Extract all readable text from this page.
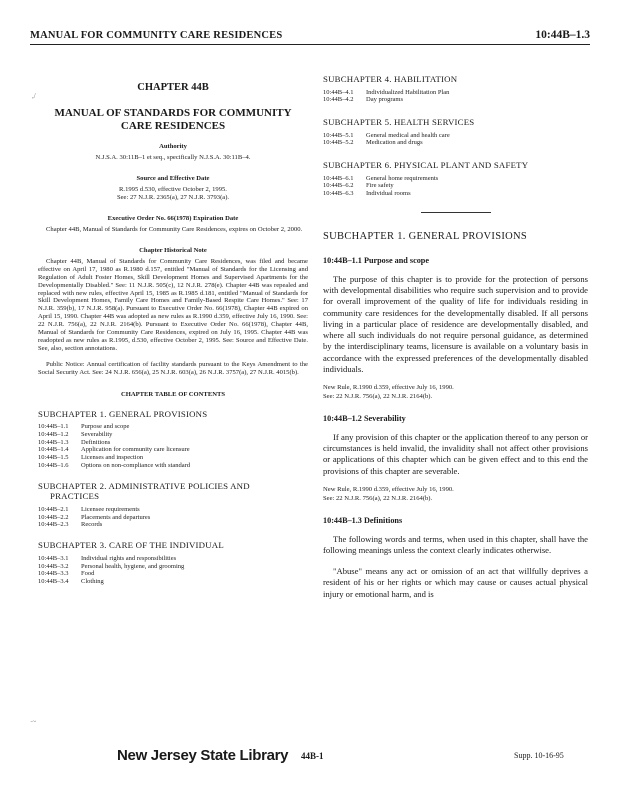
MANUAL FOR COMMUNITY CARE RESIDENCES	10:44B–1.3
,/
·~
CHAPTER 44B
MANUAL OF STANDARDS FOR COMMUNITY CARE RESIDENCES
Authority
N.J.S.A. 30:11B–1 et seq., specifically N.J.S.A. 30:11B–4.
Source and Effective Date
R.1995 d.530, effective October 2, 1995.
See: 27 N.J.R. 2365(a), 27 N.J.R. 3793(a).
Executive Order No. 66(1978) Expiration Date

Chapter 44B, Manual of Standards for Community Care Residences, expires on October 2, 2000.

Chapter Historical Note

Chapter 44B, Manual of Standards for Community Care Residences, was filed and became effective on April 17, 1980 as R.1980 d.157, entitled "Manual of Standards for the Licensing and Regulation of Adult Foster Homes, Skill Development Homes and Supervised Apartments for the Developmentally Disabled." See: 11 N.J.R. 505(c), 12 N.J.R. 278(e). Chapter 44B was repealed and replaced with new rules, effective April 15, 1985 as R.1985 d.181, entitled "Manual of Standards for Skill Development Homes, Family Care Homes and Family-Based Respite Care Homes." See: 17 N.J.R. 359(b), 17 N.J.R. 958(a). Pursuant to Executive Order No. 66(1978), Chapter 44B expired on April 15, 1990. Chapter 44B was adopted as new rules as R.1990 d.359, effective July 16, 1990. See: 22 N.J.R. 756(a), 22 N.J.R. 2164(b). Pursuant to Executive Order No. 66(1978), Chapter 44B, Manual of Standards for Community Care Residences, expired on July 16, 1995. Chapter 44B was readopted as new rules as R.1995, d.530, effective October 2, 1995. See: Source and Effective Date. See, also, section annotations.

Public Notice: Annual certification of facility standards pursuant to the Keys Amendment to the Social Security Act. See: 24 N.J.R. 656(a), 25 N.J.R. 603(a), 26 N.J.R. 3757(a), 27 N.J.R. 4015(b).

CHAPTER TABLE OF CONTENTS
SUBCHAPTER 1. GENERAL PROVISIONS
10:44B–1.1	Purpose and scope
10:44B–1.2	Severability
10:44B–1.3	Definitions
10:44B–1.4	Application for community care licensure
10:44B–1.5	Licenses and inspection
10:44B–1.6	Options on non-compliance with standard
SUBCHAPTER 2. ADMINISTRATIVE POLICIES AND
PRACTICES
10:44B–2.1	Licensee requirements
10:44B–2.2	Placements and departures
10:44B–2.3	Records
SUBCHAPTER 3. CARE OF THE INDIVIDUAL
10:44B–3.1	Individual rights and responsibilities
10:44B–3.2	Personal health, hygiene, and grooming
10:44B–3.3	Food
10:44B–3.4	Clothing
SUBCHAPTER 4. HABILITATION
10:44B–4.1	Individualized Habilitation Plan
10:44B–4.2	Day programs
SUBCHAPTER 5. HEALTH SERVICES
10:44B–5.1	General medical and health care
10:44B–5.2	Medication and drugs
SUBCHAPTER 6. PHYSICAL PLANT AND SAFETY
10:44B–6.1	General home requirements
10:44B–6.2	Fire safety
10:44B–6.3	Individual rooms
SUBCHAPTER 1. GENERAL PROVISIONS
10:44B–1.1 Purpose and scope

The purpose of this chapter is to provide for the protection of persons with developmental disabilities who require such supervision and to provide for overall improvement of the quality of life for individuals residing in community care residences for the developmentally disabled. If all persons living in a particular place of residence are developmentally disabled, and where all such individuals do not require personal guidance, as determined by the interdisciplinary teams, licensure is available on a voluntary basis in accordance with the expressed preferences of the developmentally disabled individuals.

New Rule, R.1990 d.359, effective July 16, 1990.
See: 22 N.J.R. 756(a), 22 N.J.R. 2164(b).
10:44B–1.2 Severability

If any provision of this chapter or the application thereof to any person or circumstances is held invalid, the invalidity shall not affect other provisions or applications of this chapter which can be given effect and to this end the provisions of this chapter are severable.

New Rule, R.1990 d.359, effective July 16, 1990.
See: 22 N.J.R. 756(a), 22 N.J.R. 2164(b).
10:44B–1.3 Definitions

The following words and terms, when used in this chapter, shall have the following meanings unless the context clearly indicates otherwise.

"Abuse" means any act or omission of an act that willfully deprives a resident of his or her rights or which may cause or causes actual physical injury or emotional harm, and is

New Jersey State Library 44B-1	Supp. 10-16-95
